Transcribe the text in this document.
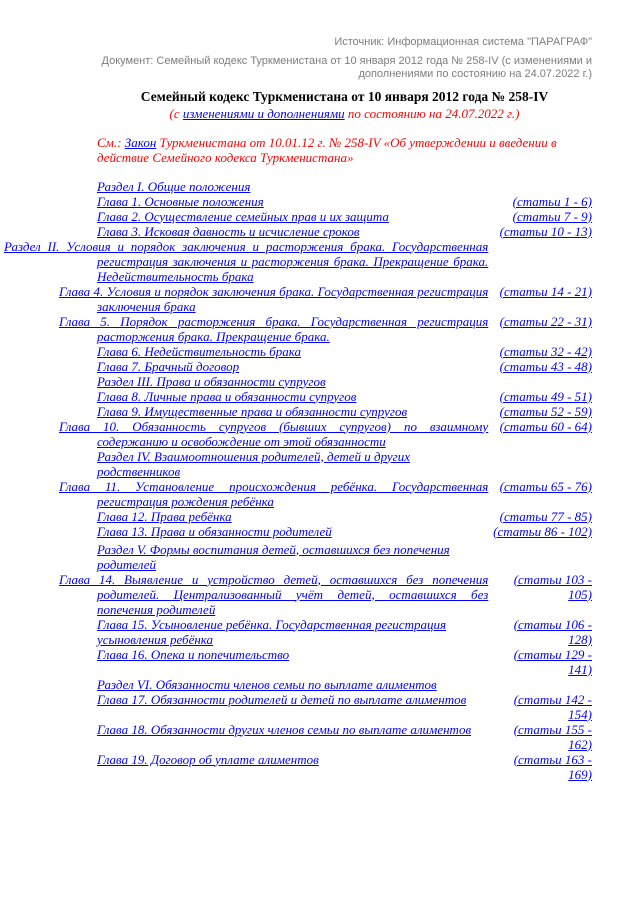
Источник: Информационная система "ПАРАГРАФ"
Документ: Семейный кодекс Туркменистана от 10 января 2012 года № 258-IV (с изменениями и дополнениями по состоянию на 24.07.2022 г.)
Семейный кодекс Туркменистана от 10 января 2012 года № 258-IV
(с изменениями и дополнениями по состоянию на 24.07.2022 г.)
См.: Закон Туркменистана от 10.01.12 г. № 258-IV «Об утверждении и введении в действие Семейного кодекса Туркменистана»
Раздел I. Общие положения	
Глава 1. Основные положения	(статьи 1 - 6)
Глава 2. Осуществление семейных прав и их защита	(статьи 7 - 9)
Глава 3. Исковая давность и исчисление сроков	(статьи 10 - 13)
Раздел II. Условия и порядок заключения и расторжения брака. Государственная регистрация заключения и расторжения брака. Прекращение брака. Недействительность брака	
Глава 4. Условия и порядок заключения брака. Государственная регистрация заключения брака	(статьи 14 - 21)
Глава 5. Порядок расторжения брака. Государственная регистрация расторжения брака. Прекращение брака.	(статьи 22 - 31)
Глава 6. Недействительность брака	(статьи 32 - 42)
Глава 7. Брачный договор	(статьи 43 - 48)
Раздел III. Права и обязанности супругов	
Глава 8. Личные права и обязанности супругов	(статьи 49 - 51)
Глава 9. Имущественные права и обязанности супругов	(статьи 52 - 59)
Глава 10. Обязанность супругов (бывших супругов) по взаимному содержанию и освобождение от этой обязанности	(статьи 60 - 64)
Раздел IV. Взаимоотношения родителей, детей и других родственников	
Глава 11. Установление происхождения ребёнка. Государственная регистрация рождения ребёнка	(статьи 65 - 76)
Глава 12. Права ребёнка	(статьи 77 - 85)
Глава 13. Права и обязанности родителей	(статьи 86 - 102)
Раздел V. Формы воспитания детей, оставшихся без попечения родителей	
Глава 14. Выявление и устройство детей, оставшихся без попечения родителей. Централизованный учёт детей, оставшихся без попечения родителей	(статьи 103 - 105)
Глава 15. Усыновление ребёнка. Государственная регистрация усыновления ребёнка	(статьи 106 - 128)
Глава 16. Опека и попечительство	(статьи 129 - 141)
Раздел VI. Обязанности членов семьи по выплате алиментов	
Глава 17. Обязанности родителей и детей по выплате алиментов	(статьи 142 - 154)
Глава 18. Обязанности других членов семьи по выплате алиментов	(статьи 155 - 162)
Глава 19. Договор об уплате алиментов	(статьи 163 - 169)
